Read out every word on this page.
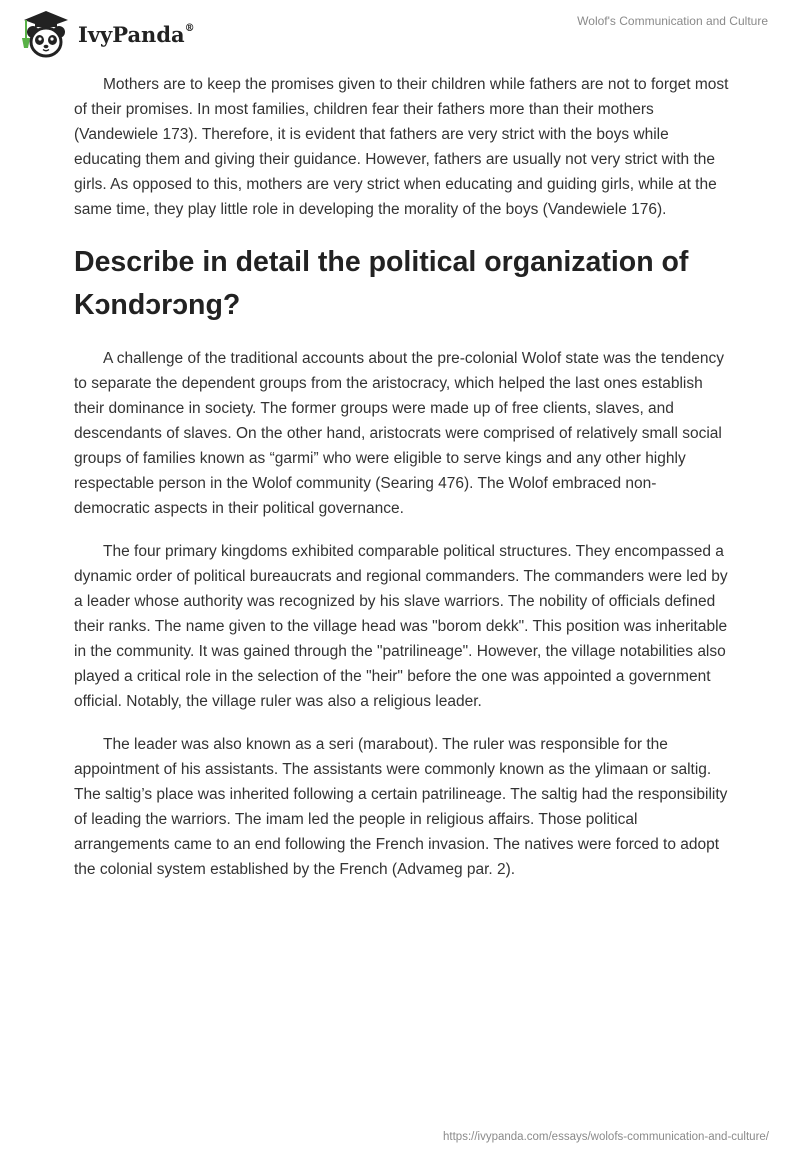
IvyPanda®	Wolof's Communication and Culture

Mothers are to keep the promises given to their children while fathers are not to forget most of their promises. In most families, children fear their fathers more than their mothers (Vandewiele 173). Therefore, it is evident that fathers are very strict with the boys while educating them and giving their guidance. However, fathers are usually not very strict with the girls. As opposed to this, mothers are very strict when educating and guiding girls, while at the same time, they play little role in developing the morality of the boys (Vandewiele 176).

Describe in detail the political organization of Kɔndɔrɔng?

A challenge of the traditional accounts about the pre-colonial Wolof state was the tendency to separate the dependent groups from the aristocracy, which helped the last ones establish their dominance in society. The former groups were made up of free clients, slaves, and descendants of slaves. On the other hand, aristocrats were comprised of relatively small social groups of families known as “garmi” who were eligible to serve kings and any other highly respectable person in the Wolof community (Searing 476). The Wolof embraced non-democratic aspects in their political governance.

The four primary kingdoms exhibited comparable political structures. They encompassed a dynamic order of political bureaucrats and regional commanders. The commanders were led by a leader whose authority was recognized by his slave warriors. The nobility of officials defined their ranks. The name given to the village head was "borom dekk". This position was inheritable in the community. It was gained through the "patrilineage". However, the village notabilities also played a critical role in the selection of the "heir" before the one was appointed a government official. Notably, the village ruler was also a religious leader.

The leader was also known as a seri (marabout). The ruler was responsible for the appointment of his assistants. The assistants were commonly known as the ylimaan or saltig. The saltig’s place was inherited following a certain patrilineage. The saltig had the responsibility of leading the warriors. The imam led the people in religious affairs. Those political arrangements came to an end following the French invasion. The natives were forced to adopt the colonial system established by the French (Advameg par. 2).

https://ivypanda.com/essays/wolofs-communication-and-culture/
